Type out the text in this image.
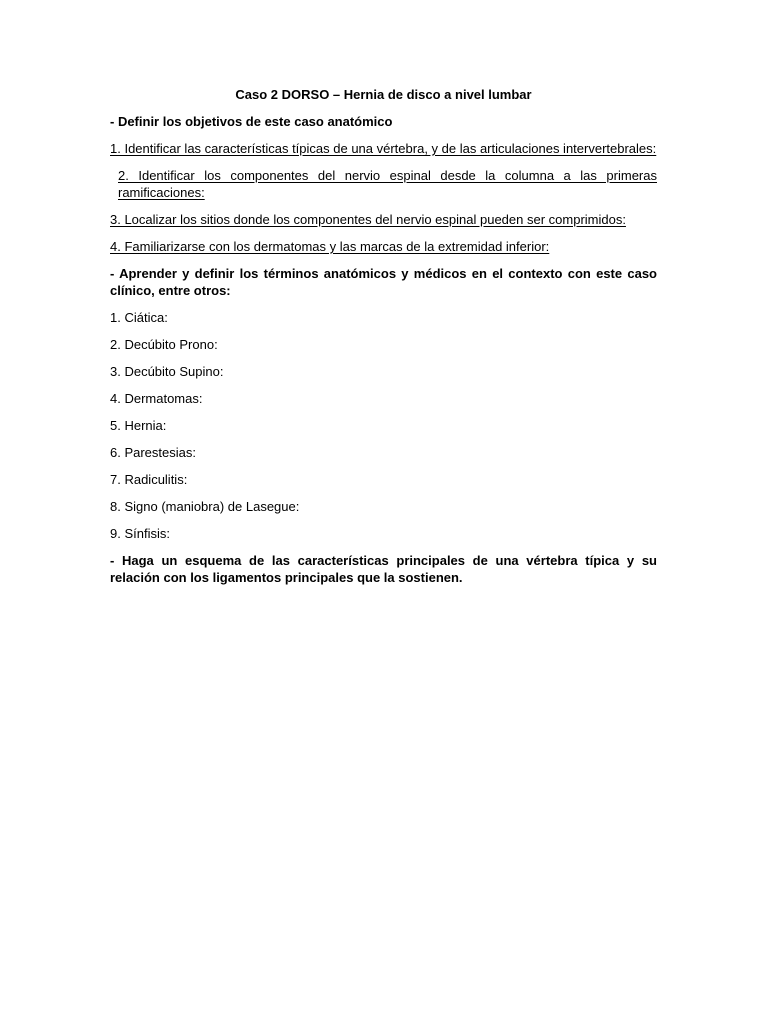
Caso 2 DORSO – Hernia de disco a nivel lumbar
- Definir los objetivos de este caso anatómico
1. Identificar las características típicas de una vértebra, y de las articulaciones intervertebrales:
2. Identificar los componentes del nervio espinal desde la columna a las primeras ramificaciones:
3. Localizar los sitios donde los componentes del nervio espinal pueden ser comprimidos:
4. Familiarizarse con los dermatomas y las marcas de la extremidad inferior:
- Aprender y definir los términos anatómicos y médicos en el contexto con este caso clínico, entre otros:
1. Ciática:
2. Decúbito Prono:
3. Decúbito Supino:
4. Dermatomas:
5. Hernia:
6. Parestesias:
7. Radiculitis:
8. Signo (maniobra) de Lasegue:
9. Sínfisis:
- Haga un esquema de las características principales de una vértebra típica y su relación con los ligamentos principales que la sostienen.
